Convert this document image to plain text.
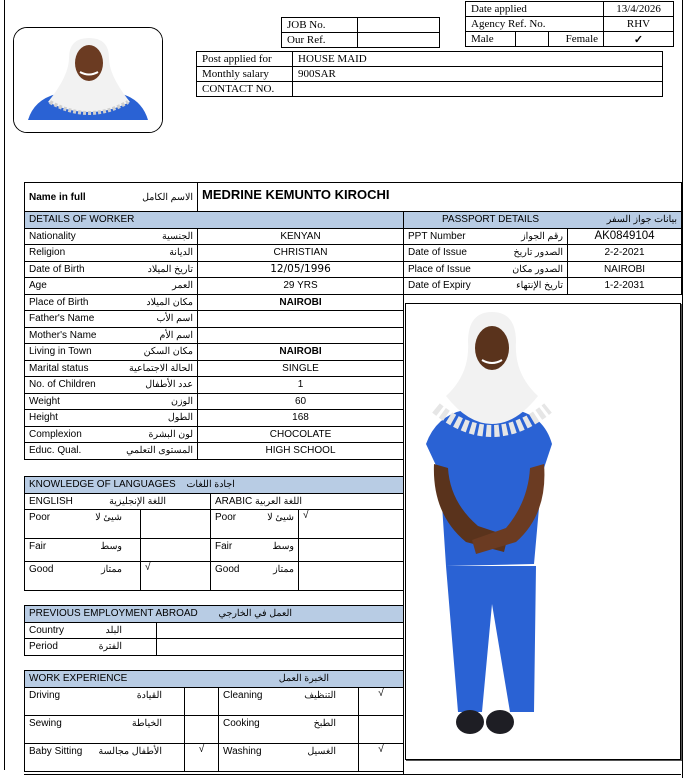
JOB No.	
Our Ref.	
Date applied			13/4/2026
Agency Ref. No.			RHV
Male		Female	✓
Post applied for	HOUSE MAID
Monthly salary	900SAR
CONTACT NO.	
Name in full	الاسم الكامل	MEDRINE KEMUNTO KIROCHI
DETAILS OF WORKER	

Nationality الجنسية	KENYAN

Religion الديانة	CHRISTIAN

Date of Birth تاريخ الميلاد	12/05/1996

Age العمر	29 YRS

Place of Birth مكان الميلاد	NAIROBI

Father's Name اسم الأب	

Mother's Name اسم الأم	

Living in Town مكان السكن	NAIROBI

Marital status الحالة الاجتماعية	SINGLE

No. of Children عدد الأطفال	1

Weight الوزن	60

Height الطول	168

Complexion لون البشرة	CHOCOLATE

Educ. Qual. المستوى التعلمي	HIGH SCHOOL
PASSPORT DETAILS بيانات جواز السفر	

PPT Number رقم الجواز	AK0849104

Date of Issue الصدور تاريخ	2-2-2021

Place of Issue الصدور مكان	NAIROBI

Date of Expiry تاريخ الإنتهاء	1-2-2031
KNOWLEDGE OF LANGUAGES اجادة اللغات			

ENGLISH اللغة الإنجليزية		ARABIC اللغة العربية	

Poor شيئ لا		Poor شيئ لا	√

Fair وسط		Fair وسط	

Good ممتاز	√	Good ممتاز	

PREVIOUS EMPLOYMENT ABROAD العمل في الخارجي	

Country البلد	

Period الفترة	

WORK EXPERIENCE الخبرة العمل			

Driving القيادة		Cleaning التنظيف	√

Sewing الخياطة		Cooking الطبخ	

Baby Sitting الأطفال مجالسة	√	Washing الغسيل	√
